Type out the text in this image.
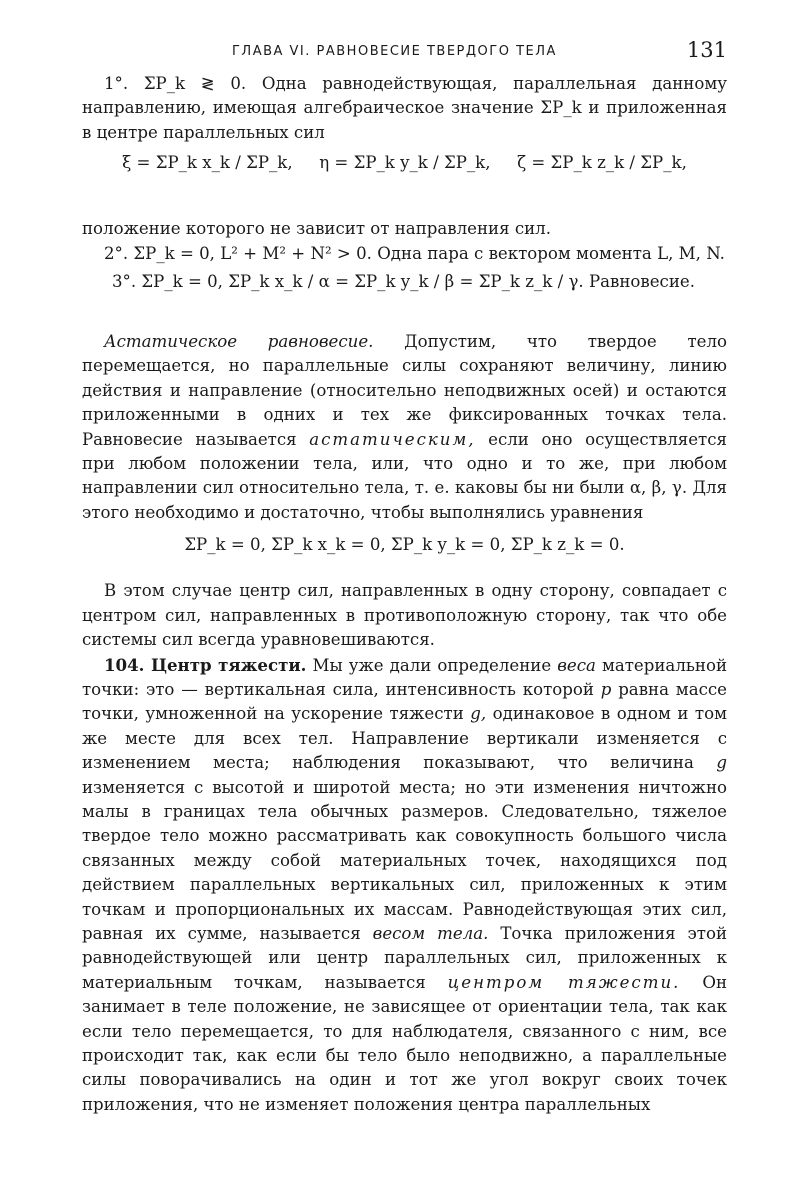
ГЛАВА VI. РАВНОВЕСИЕ ТВЕРДОГО ТЕЛА	131

1°. ΣP_k ≷ 0. Одна равнодействующая, параллельная данному направлению, имеющая алгебраическое значение ΣP_k и приложенная в центре параллельных сил

ξ = ΣP_k x_k / ΣP_k,  η = ΣP_k y_k / ΣP_k,  ζ = ΣP_k z_k / ΣP_k,

положение которого не зависит от направления сил.

2°. ΣP_k = 0, L² + M² + N² > 0. Одна пара с вектором момента L, M, N.

3°. ΣP_k = 0, ΣP_k x_k / α = ΣP_k y_k / β = ΣP_k z_k / γ. Равновесие.

Астатическое равновесие. Допустим, что твердое тело перемещается, но параллельные силы сохраняют величину, линию действия и направление (относительно неподвижных осей) и остаются приложенными в одних и тех же фиксированных точках тела. Равновесие называется астатическим, если оно осуществляется при любом положении тела, или, что одно и то же, при любом направлении сил относительно тела, т. е. каковы бы ни были α, β, γ. Для этого необходимо и достаточно, чтобы выполнялись уравнения

ΣP_k = 0, ΣP_k x_k = 0, ΣP_k y_k = 0, ΣP_k z_k = 0.

В этом случае центр сил, направленных в одну сторону, совпадает с центром сил, направленных в противоположную сторону, так что обе системы сил всегда уравновешиваются.

104. Центр тяжести. Мы уже дали определение веса материальной точки: это — вертикальная сила, интенсивность которой p равна массе точки, умноженной на ускорение тяжести g, одинаковое в одном и том же месте для всех тел. Направление вертикали изменяется с изменением места; наблюдения показывают, что величина g изменяется с высотой и широтой места; но эти изменения ничтожно малы в границах тела обычных размеров. Следовательно, тяжелое твердое тело можно рассматривать как совокупность большого числа связанных между собой материальных точек, находящихся под действием параллельных вертикальных сил, приложенных к этим точкам и пропорциональных их массам. Равнодействующая этих сил, равная их сумме, называется весом тела. Точка приложения этой равнодействующей или центр параллельных сил, приложенных к материальным точкам, называется центром тяжести. Он занимает в теле положение, не зависящее от ориентации тела, так как если тело перемещается, то для наблюдателя, связанного с ним, все происходит так, как если бы тело было неподвижно, а параллельные силы поворачивались на один и тот же угол вокруг своих точек приложения, что не изменяет положения центра параллельных
